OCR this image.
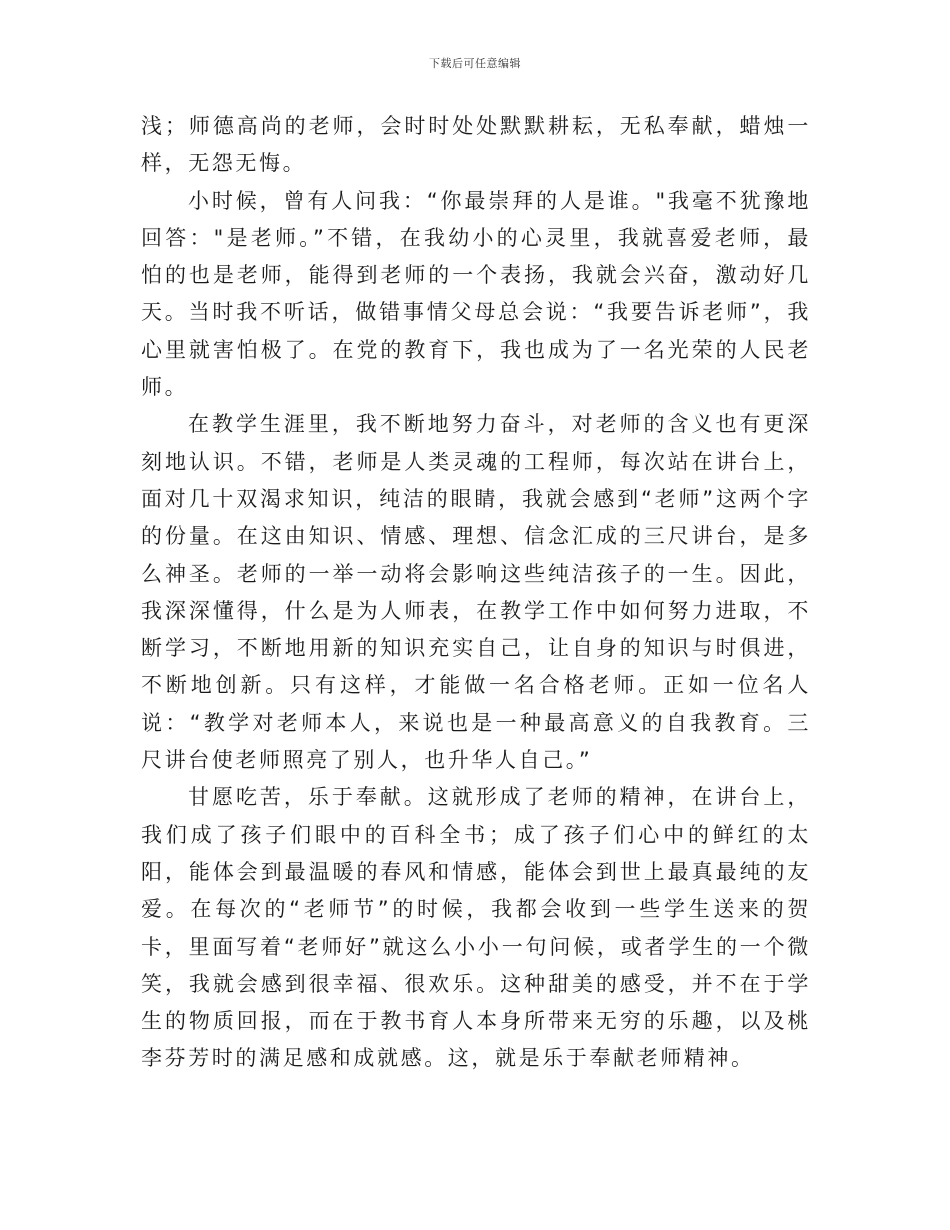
下载后可任意编辑

浅；师德高尚的老师，会时时处处默默耕耘，无私奉献，蜡烛一样，无怨无悔。

小时候，曾有人问我：“你最崇拜的人是谁。"我毫不犹豫地回答："是老师。”不错，在我幼小的心灵里，我就喜爱老师，最怕的也是老师，能得到老师的一个表扬，我就会兴奋，激动好几天。当时我不听话，做错事情父母总会说：“我要告诉老师”，我心里就害怕极了。在党的教育下，我也成为了一名光荣的人民老师。

在教学生涯里，我不断地努力奋斗，对老师的含义也有更深刻地认识。不错，老师是人类灵魂的工程师，每次站在讲台上，面对几十双渴求知识，纯洁的眼睛，我就会感到“老师”这两个字的份量。在这由知识、情感、理想、信念汇成的三尺讲台，是多么神圣。老师的一举一动将会影响这些纯洁孩子的一生。因此，我深深懂得，什么是为人师表，在教学工作中如何努力进取，不断学习，不断地用新的知识充实自己，让自身的知识与时俱进，不断地创新。只有这样，才能做一名合格老师。正如一位名人说：“教学对老师本人，来说也是一种最高意义的自我教育。三尺讲台使老师照亮了别人，也升华人自己。”

甘愿吃苦，乐于奉献。这就形成了老师的精神，在讲台上，我们成了孩子们眼中的百科全书；成了孩子们心中的鲜红的太阳，能体会到最温暖的春风和情感，能体会到世上最真最纯的友爱。在每次的“老师节”的时候，我都会收到一些学生送来的贺卡，里面写着“老师好”就这么小小一句问候，或者学生的一个微笑，我就会感到很幸福、很欢乐。这种甜美的感受，并不在于学生的物质回报，而在于教书育人本身所带来无穷的乐趣，以及桃李芬芳时的满足感和成就感。这，就是乐于奉献老师精神。
